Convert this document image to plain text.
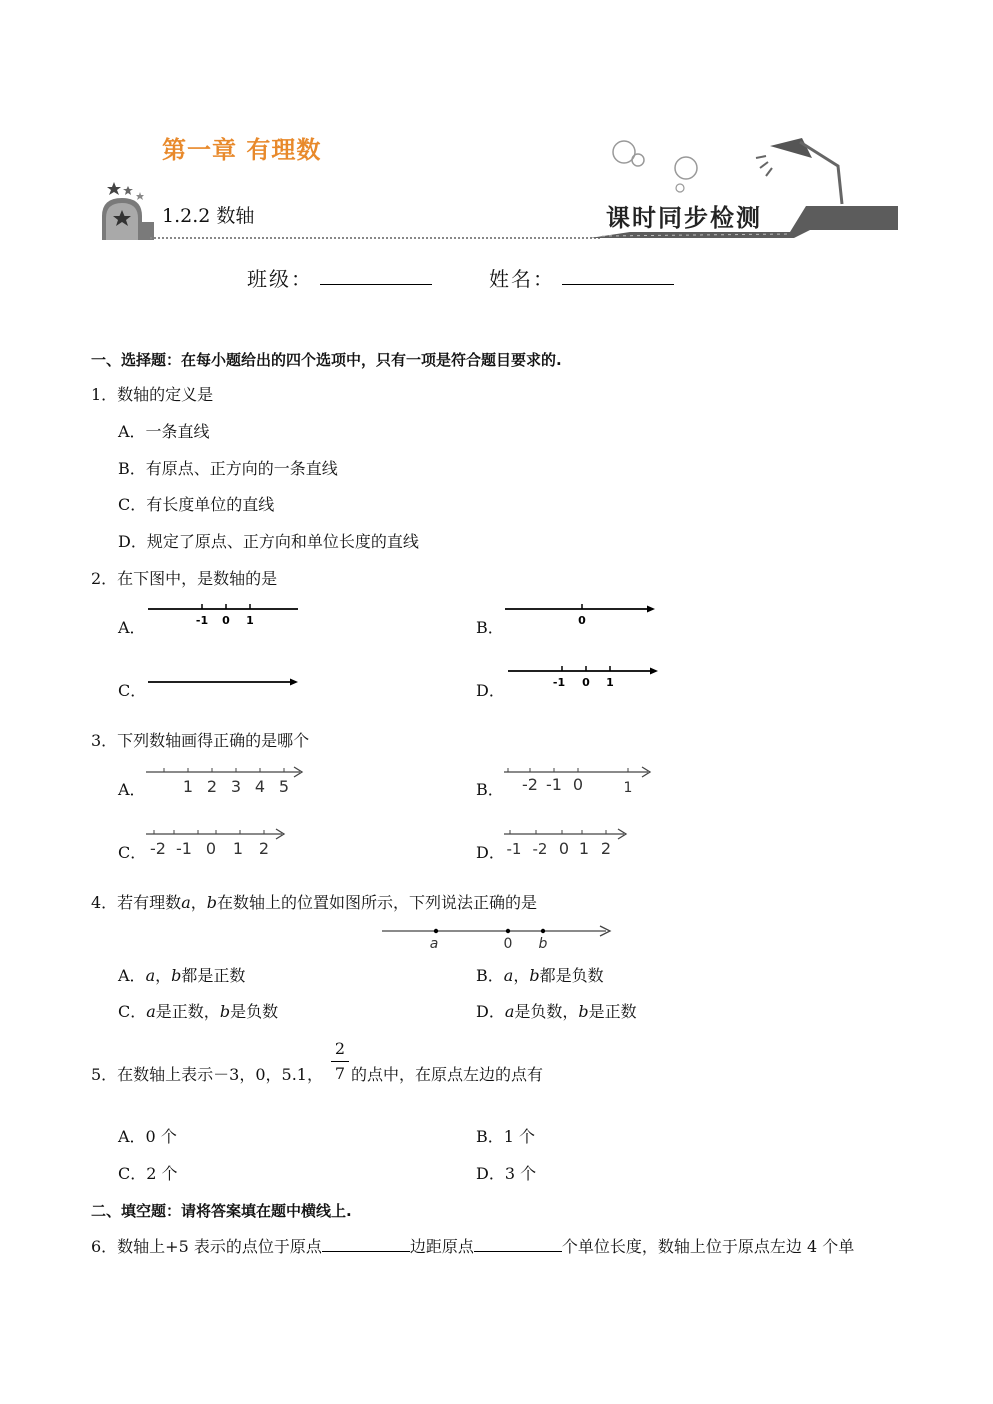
第一章 有理数
1.2.2 数轴	课时同步检测
班级：	姓名：
一、选择题：在每小题给出的四个选项中，只有一项是符合题目要求的.
1．数轴的定义是
A．一条直线
B．有原点、正方向的一条直线
C．有长度单位的直线
D．规定了原点、正方向和单位长度的直线
2．在下图中，是数轴的是
A．	-1 0 1	B．	0
C．	D．	-1 0 1
3．下列数轴画得正确的是哪个
A． 1 2 3 4 5	B． -2 -1 0	1
C． -2 -1 0 1 2	D． -1 -2 0 1 2
4．若有理数a，b在数轴上的位置如图所示，下列说法正确的是
a	0 b
A．a，b都是正数	B．a，b都是负数
C．a是正数，b是负数	D．a是负数，b是正数
5．在数轴上表示－3，0，5.1，
2
7 的点中，在原点左边的点有
A．0 个	B．1 个
C．2 个	D．3 个
二、填空题：请将答案填在题中横线上.
6．数轴上+5 表示的点位于原点	边距原点	个单位长度，数轴上位于原点左边 4 个单
